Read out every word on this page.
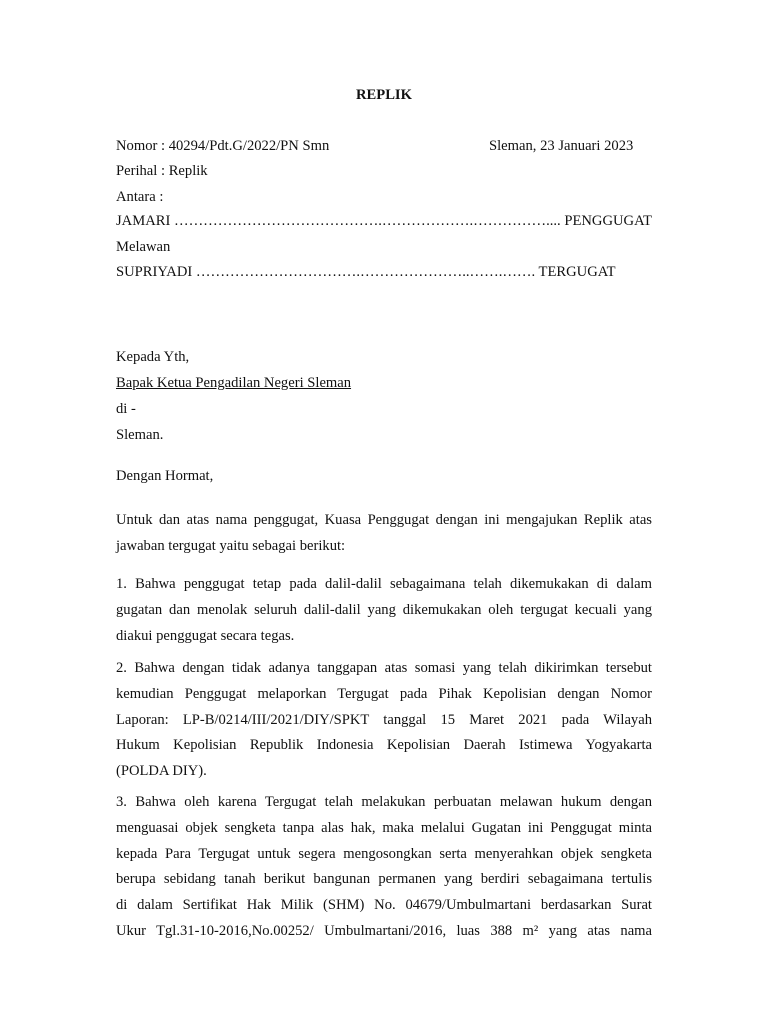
REPLIK
Nomor : 40294/Pdt.G/2022/PN Smn	Sleman, 23 Januari 2023
Perihal : Replik
Antara :
JAMARI …………………………………….……………….…………….... PENGGUGAT
Melawan
SUPRIYADI …………………………….…………………..…….……. TERGUGAT
Kepada Yth,
Bapak Ketua Pengadilan Negeri Sleman
di -
Sleman.
Dengan Hormat,
Untuk dan atas nama penggugat, Kuasa Penggugat dengan ini mengajukan Replik atas
jawaban tergugat yaitu sebagai berikut:
1. Bahwa penggugat tetap pada dalil-dalil sebagaimana telah dikemukakan di dalam
gugatan dan menolak seluruh dalil-dalil yang dikemukakan oleh tergugat kecuali yang
diakui penggugat secara tegas.
2. Bahwa dengan tidak adanya tanggapan atas somasi yang telah dikirimkan tersebut
kemudian Penggugat melaporkan Tergugat pada Pihak Kepolisian dengan Nomor
Laporan: LP-B/0214/III/2021/DIY/SPKT tanggal 15 Maret 2021 pada Wilayah
Hukum Kepolisian Republik Indonesia Kepolisian Daerah Istimewa Yogyakarta
(POLDA DIY).
3. Bahwa oleh karena Tergugat telah melakukan perbuatan melawan hukum dengan
menguasai objek sengketa tanpa alas hak, maka melalui Gugatan ini Penggugat minta
kepada Para Tergugat untuk segera mengosongkan serta menyerahkan objek sengketa
berupa sebidang tanah berikut bangunan permanen yang berdiri sebagaimana tertulis
di dalam Sertifikat Hak Milik (SHM) No. 04679/Umbulmartani berdasarkan Surat
Ukur Tgl.31-10-2016,No.00252/ Umbulmartani/2016, luas 388 m² yang atas nama
